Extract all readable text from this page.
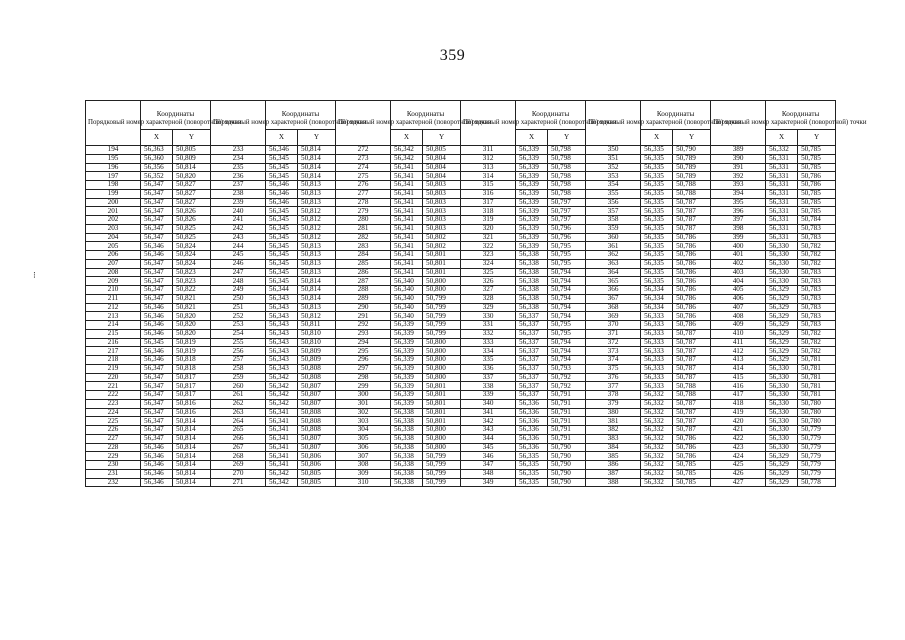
359
⁝
Порядковый номер характерной (поворотной) точки	Координаты		Порядковый номер характерной (поворотной) точки	Координаты		Порядковый номер характерной (поворотной) точки	Координаты		Порядковый номер характерной (поворотной) точки	Координаты		Порядковый номер характерной (поворотной) точки	Координаты		Порядковый номер характерной (поворотной) точки	Координаты	
	X	Y		X	Y		X	Y		X	Y		X	Y		X	Y
194	56,363	50,805	233	56,346	50,814	272	56,342	50,805	311	56,339	50,798	350	56,335	50,790	389	56,332	50,785
195	56,360	50,809	234	56,345	50,814	273	56,342	50,804	312	56,339	50,798	351	56,335	50,789	390	56,331	50,785
196	56,356	50,814	235	56,345	50,814	274	56,341	50,804	313	56,339	50,798	352	56,335	50,789	391	56,331	50,785
197	56,352	50,820	236	56,345	50,814	275	56,341	50,804	314	56,339	50,798	353	56,335	50,789	392	56,331	50,786
198	56,347	50,827	237	56,346	50,813	276	56,341	50,803	315	56,339	50,798	354	56,335	50,788	393	56,331	50,786
199	56,347	50,827	238	56,346	50,813	277	56,341	50,803	316	56,339	50,798	355	56,335	50,788	394	56,331	50,785
200	56,347	50,827	239	56,346	50,813	278	56,341	50,803	317	56,339	50,797	356	56,335	50,787	395	56,331	50,785
201	56,347	50,826	240	56,345	50,812	279	56,341	50,803	318	56,339	50,797	357	56,335	50,787	396	56,331	50,785
202	56,347	50,826	241	56,345	50,812	280	56,341	50,803	319	56,339	50,797	358	56,335	50,787	397	56,331	50,784
203	56,347	50,825	242	56,345	50,812	281	56,341	50,803	320	56,339	50,796	359	56,335	50,787	398	56,331	50,783
204	56,347	50,825	243	56,345	50,812	282	56,341	50,802	321	56,339	50,796	360	56,335	50,786	399	56,331	50,783
205	56,346	50,824	244	56,345	50,813	283	56,341	50,802	322	56,339	50,795	361	56,335	50,786	400	56,330	50,782
206	56,346	50,824	245	56,345	50,813	284	56,341	50,801	323	56,338	50,795	362	56,335	50,786	401	56,330	50,782
207	56,347	50,824	246	56,345	50,813	285	56,341	50,801	324	56,338	50,795	363	56,335	50,786	402	56,330	50,782
208	56,347	50,823	247	56,345	50,813	286	56,341	50,801	325	56,338	50,794	364	56,335	50,786	403	56,330	50,783
209	56,347	50,823	248	56,345	50,814	287	56,340	50,800	326	56,338	50,794	365	56,335	50,786	404	56,330	50,783
210	56,347	50,822	249	56,344	50,814	288	56,340	50,800	327	56,338	50,794	366	56,334	50,786	405	56,329	50,783
211	56,347	50,821	250	56,343	50,814	289	56,340	50,799	328	56,338	50,794	367	56,334	50,786	406	56,329	50,783
212	56,346	50,821	251	56,343	50,813	290	56,340	50,799	329	56,338	50,794	368	56,334	50,786	407	56,329	50,783
213	56,346	50,820	252	56,343	50,812	291	56,340	50,799	330	56,337	50,794	369	56,333	50,786	408	56,329	50,783
214	56,346	50,820	253	56,343	50,811	292	56,339	50,799	331	56,337	50,795	370	56,333	50,786	409	56,329	50,783
215	56,346	50,820	254	56,343	50,810	293	56,339	50,799	332	56,337	50,795	371	56,333	50,787	410	56,329	50,782
216	56,345	50,819	255	56,343	50,810	294	56,339	50,800	333	56,337	50,794	372	56,333	50,787	411	56,329	50,782
217	56,346	50,819	256	56,343	50,809	295	56,339	50,800	334	56,337	50,794	373	56,333	50,787	412	56,329	50,782
218	56,346	50,818	257	56,343	50,809	296	56,339	50,800	335	56,337	50,794	374	56,333	50,787	413	56,329	50,781
219	56,347	50,818	258	56,343	50,808	297	56,339	50,800	336	56,337	50,793	375	56,333	50,787	414	56,330	50,781
220	56,347	50,817	259	56,342	50,808	298	56,339	50,800	337	56,337	50,792	376	56,333	50,787	415	56,330	50,781
221	56,347	50,817	260	56,342	50,807	299	56,339	50,801	338	56,337	50,792	377	56,333	50,788	416	56,330	50,781
222	56,347	50,817	261	56,342	50,807	300	56,339	50,801	339	56,337	50,791	378	56,332	50,788	417	56,330	50,781
223	56,347	50,816	262	56,342	50,807	301	56,339	50,801	340	56,336	50,791	379	56,332	50,787	418	56,330	50,780
224	56,347	50,816	263	56,341	50,808	302	56,338	50,801	341	56,336	50,791	380	56,332	50,787	419	56,330	50,780
225	56,347	50,814	264	56,341	50,808	303	56,338	50,801	342	56,336	50,791	381	56,332	50,787	420	56,330	50,780
226	56,347	50,814	265	56,341	50,808	304	56,338	50,800	343	56,336	50,791	382	56,332	50,787	421	56,330	50,779
227	56,347	50,814	266	56,341	50,807	305	56,338	50,800	344	56,336	50,791	383	56,332	50,786	422	56,330	50,779
228	56,346	50,814	267	56,341	50,807	306	56,338	50,800	345	56,336	50,790	384	56,332	50,786	423	56,330	50,779
229	56,346	50,814	268	56,341	50,806	307	56,338	50,799	346	56,335	50,790	385	56,332	50,786	424	56,329	50,779
230	56,346	50,814	269	56,341	50,806	308	56,338	50,799	347	56,335	50,790	386	56,332	50,785	425	56,329	50,779
231	56,346	50,814	270	56,342	50,805	309	56,338	50,799	348	56,335	50,790	387	56,332	50,785	426	56,329	50,779
232	56,346	50,814	271	56,342	50,805	310	56,338	50,799	349	56,335	50,790	388	56,332	50,785	427	56,329	50,778
